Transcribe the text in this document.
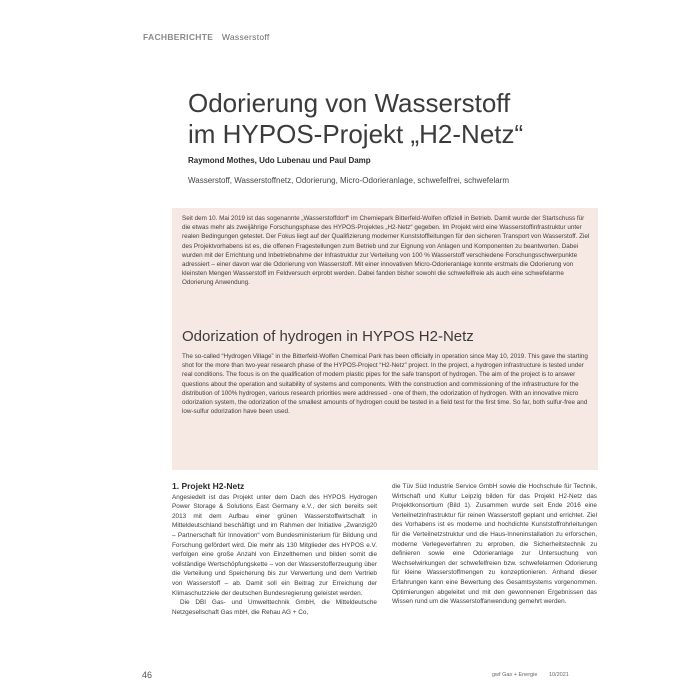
FACHBERICHTE Wasserstoff
Odorierung von Wasserstoff
im HYPOS-Projekt „H2-Netz“
Raymond Mothes, Udo Lubenau und Paul Damp
Wasserstoff, Wasserstoffnetz, Odorierung, Micro-Odorieranlage, schwefelfrei, schwefelarm

Seit dem 10. Mai 2019 ist das sogenannte „Wasserstoffdorf“ im Chemiepark Bitterfeld-Wolfen offiziell in Betrieb. Damit wurde der Startschuss für die etwas mehr als zweijährige Forschungsphase des HYPOS-Projektes „H2-Netz“ gegeben. Im Projekt wird eine Wasserstoffinfrastruktur unter realen Bedingungen getestet. Der Fokus liegt auf der Qualifizierung moderner Kunststoffleitungen für den sicheren Transport von Wasserstoff. Ziel des Projektvorhabens ist es, die offenen Fragestellungen zum Betrieb und zur Eignung von Anlagen und Komponenten zu beantworten. Dabei wurden mit der Errichtung und Inbetriebnahme der Infrastruktur zur Verteilung von 100 % Wasserstoff verschiedene Forschungsschwerpunkte adressiert – einer davon war die Odorierung von Wasserstoff. Mit einer innovativen Micro-Odorieranlage konnte erstmals die Odorierung von kleinsten Mengen Wasserstoff im Feldversuch erprobt werden. Dabei fanden bisher sowohl die schwefelfreie als auch eine schwefelarme Odorierung Anwendung.

Odorization of hydrogen in HYPOS H2-Netz

The so-called “Hydrogen Village” in the Bitterfeld-Wolfen Chemical Park has been officially in operation since May 10, 2019. This gave the starting shot for the more than two-year research phase of the HYPOS-Project “H2-Netz” project. In the project, a hydrogen infrastructure is tested under real conditions. The focus is on the qualification of modern plastic pipes for the safe transport of hydrogen. The aim of the project is to answer questions about the operation and suitability of systems and components. With the construction and commissioning of the infrastructure for the distribution of 100% hydrogen, various research priorities were addressed - one of them, the odorization of hydrogen. With an innovative micro odorization system, the odorization of the smallest amounts of hydrogen could be tested in a field test for the first time. So far, both sulfur-free and low-sulfur odorization have been used.

1. Projekt H2-Netz

Angesiedelt ist das Projekt unter dem Dach des HYPOS Hydrogen Power Storage & Solutions East Germany e.V., der sich bereits seit 2013 mit dem Aufbau einer grünen Wasserstoffwirtschaft in Mitteldeutschland beschäftigt und im Rahmen der Initiative „Zwanzig20 – Partnerschaft für Innovation“ vom Bundesministerium für Bildung und Forschung gefördert wird. Die mehr als 130 Mitglieder des HYPOS e.V. verfolgen eine große Anzahl von Einzelthemen und bilden somit die vollständige Wertschöpfungskette – von der Wasserstofferzeugung über die Verteilung und Speicherung bis zur Verwertung und dem Vertrieb von Wasserstoff – ab. Damit soll ein Beitrag zur Erreichung der Klimaschutzziele der deutschen Bundesregierung geleistet werden.

Die DBI Gas- und Umwelttechnik GmbH, die Mitteldeutsche Netzgesellschaft Gas mbH, die Rehau AG + Co,

die Tüv Süd Industrie Service GmbH sowie die Hochschule für Technik, Wirtschaft und Kultur Leipzig bilden für das Projekt H2-Netz das Projektkonsortium (Bild 1). Zusammen wurde seit Ende 2016 eine Verteilnetzinfrastruktur für reinen Wasserstoff geplant und errichtet. Ziel des Vorhabens ist es moderne und hochdichte Kunststoffrohrleitungen für die Verteilnetzstruktur und die Haus-Inneninstallation zu erforschen, moderne Verlegeverfahren zu erproben, die Sicherheitstechnik zu definieren sowie eine Odorieranlage zur Untersuchung von Wechselwirkungen der schwefelfreien bzw. schwefelarmen Odorierung für kleine Wasserstoffmengen zu konzeptionieren. Anhand dieser Erfahrungen kann eine Bewertung des Gesamtsystems vorgenommen. Optimierungen abgeleitet und mit den gewonnenen Ergebnissen das Wissen rund um die Wasserstoffanwendung gemehrt werden.

46	gwf Gas + Energie 10/2021
